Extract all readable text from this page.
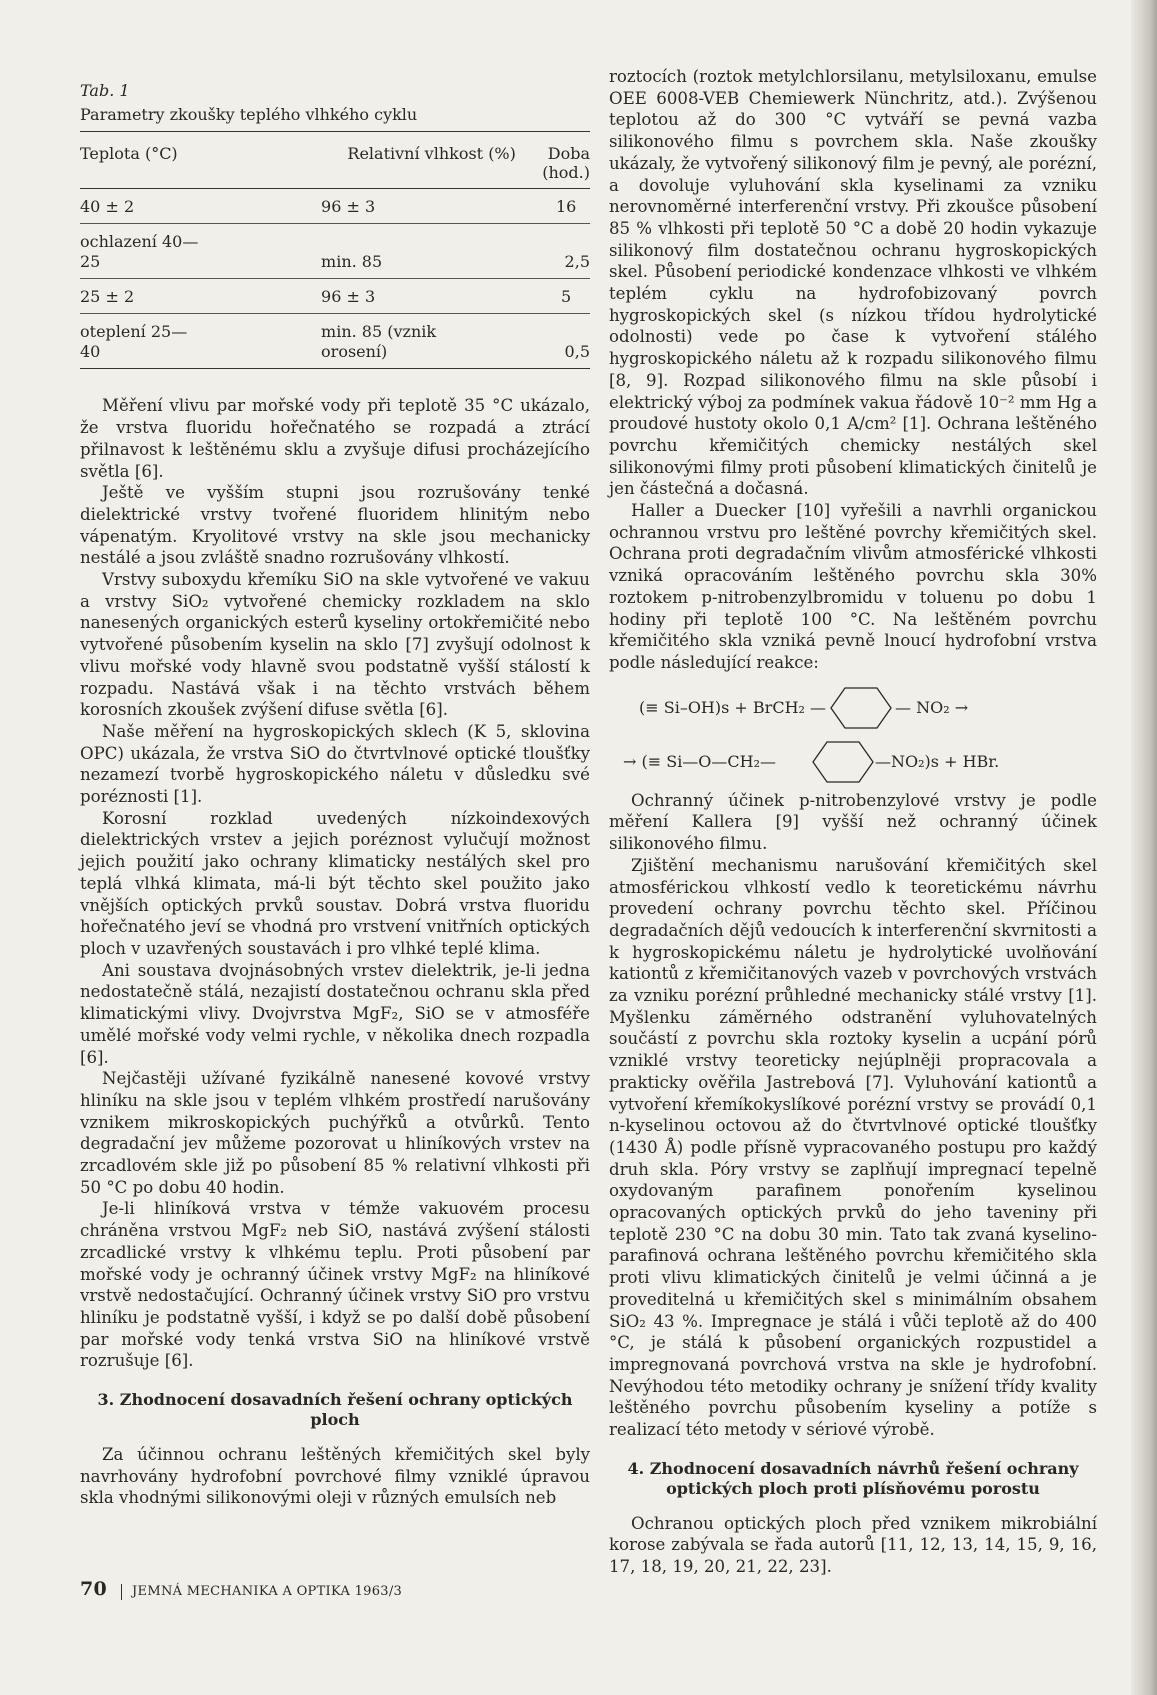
Tab. 1
Parametry zkoušky teplého vlhkého cyklu
Teplota (°C)	Relativní vlhkost (%)	Doba (hod.)
40 ± 2	96 ± 3	16
ochlazení 40—25	min. 85	2,5
25 ± 2	96 ± 3	5
oteplení 25—40	min. 85 (vznik orosení)	0,5

Měření vlivu par mořské vody při teplotě 35 °C ukázalo, že vrstva fluoridu hořečnatého se rozpadá a ztrácí přilnavost k leštěnému sklu a zvyšuje difusi procházejícího světla [6].

Ještě ve vyšším stupni jsou rozrušovány tenké dielektrické vrstvy tvořené fluoridem hlinitým nebo vápenatým. Kryolitové vrstvy na skle jsou mechanicky nestálé a jsou zvláště snadno rozrušovány vlhkostí.

Vrstvy suboxydu křemíku SiO na skle vytvořené ve vakuu a vrstvy SiO₂ vytvořené chemicky rozkladem na sklo nanesených organických esterů kyseliny ortokřemičité nebo vytvořené působením kyselin na sklo [7] zvyšují odolnost k vlivu mořské vody hlavně svou podstatně vyšší stálostí k rozpadu. Nastává však i na těchto vrstvách během korosních zkoušek zvýšení difuse světla [6].

Naše měření na hygroskopických sklech (K 5, sklovina OPC) ukázala, že vrstva SiO do čtvrtvlnové optické tloušťky nezamezí tvorbě hygroskopického náletu v důsledku své poréznosti [1].

Korosní rozklad uvedených nízkoindexových dielektrických vrstev a jejich poréznost vylučují možnost jejich použití jako ochrany klimaticky nestálých skel pro teplá vlhká klimata, má-li být těchto skel použito jako vnějších optických prvků soustav. Dobrá vrstva fluoridu hořečnatého jeví se vhodná pro vrstvení vnitřních optických ploch v uzavřených soustavách i pro vlhké teplé klima.

Ani soustava dvojnásobných vrstev dielektrik, je-li jedna nedostatečně stálá, nezajistí dostatečnou ochranu skla před klimatickými vlivy. Dvojvrstva MgF₂, SiO se v atmosféře umělé mořské vody velmi rychle, v několika dnech rozpadla [6].

Nejčastěji užívané fyzikálně nanesené kovové vrstvy hliníku na skle jsou v teplém vlhkém prostředí narušovány vznikem mikroskopických puchýřků a otvůrků. Tento degradační jev můžeme pozorovat u hliníkových vrstev na zrcadlovém skle již po působení 85 % relativní vlhkosti při 50 °C po dobu 40 hodin.

Je-li hliníková vrstva v témže vakuovém procesu chráněna vrstvou MgF₂ neb SiO, nastává zvýšení stálosti zrcadlické vrstvy k vlhkému teplu. Proti působení par mořské vody je ochranný účinek vrstvy MgF₂ na hliníkové vrstvě nedostačující. Ochranný účinek vrstvy SiO pro vrstvu hliníku je podstatně vyšší, i když se po další době působení par mořské vody tenká vrstva SiO na hliníkové vrstvě rozrušuje [6].

3. Zhodnocení dosavadních řešení ochrany optických ploch

Za účinnou ochranu leštěných křemičitých skel byly navrhovány hydrofobní povrchové filmy vzniklé úpravou skla vhodnými silikonovými oleji v různých emulsích neb

roztocích (roztok metylchlorsilanu, metylsiloxanu, emulse OEE 6008-VEB Chemiewerk Nünchritz, atd.). Zvýšenou teplotou až do 300 °C vytváří se pevná vazba silikonového filmu s povrchem skla. Naše zkoušky ukázaly, že vytvořený silikonový film je pevný, ale porézní, a dovoluje vyluhování skla kyselinami za vzniku nerovnoměrné interferenční vrstvy. Při zkoušce působení 85 % vlhkosti při teplotě 50 °C a době 20 hodin vykazuje silikonový film dostatečnou ochranu hygroskopických skel. Působení periodické kondenzace vlhkosti ve vlhkém teplém cyklu na hydrofobizovaný povrch hygroskopických skel (s nízkou třídou hydrolytické odolnosti) vede po čase k vytvoření stálého hygroskopického náletu až k rozpadu silikonového filmu [8, 9]. Rozpad silikonového filmu na skle působí i elektrický výboj za podmínek vakua řádově 10⁻² mm Hg a proudové hustoty okolo 0,1 A/cm² [1]. Ochrana leštěného povrchu křemičitých chemicky nestálých skel silikonovými filmy proti působení klimatických činitelů je jen částečná a dočasná.

Haller a Duecker [10] vyřešili a navrhli organickou ochrannou vrstvu pro leštěné povrchy křemičitých skel. Ochrana proti degradačním vlivům atmosférické vlhkosti vzniká opracováním leštěného povrchu skla 30% roztokem p-nitrobenzylbromidu v toluenu po dobu 1 hodiny při teplotě 100 °C. Na leštěném povrchu křemičitého skla vzniká pevně lnoucí hydrofobní vrstva podle následující reakce:

(≡ Si–OH)s + BrCH₂ —	— NO₂ →
→ (≡ Si—O—CH₂—	—NO₂)s + HBr.

Ochranný účinek p-nitrobenzylové vrstvy je podle měření Kallera [9] vyšší než ochranný účinek silikonového filmu.

Zjištění mechanismu narušování křemičitých skel atmosférickou vlhkostí vedlo k teoretickému návrhu provedení ochrany povrchu těchto skel. Příčinou degradačních dějů vedoucích k interferenční skvrnitosti a k hygroskopickému náletu je hydrolytické uvolňování kationtů z křemičitanových vazeb v povrchových vrstvách za vzniku porézní průhledné mechanicky stálé vrstvy [1]. Myšlenku záměrného odstranění vyluhovatelných součástí z povrchu skla roztoky kyselin a ucpání pórů vzniklé vrstvy teoreticky nejúplněji propracovala a prakticky ověřila Jastrebová [7]. Vyluhování kationtů a vytvoření křemíkokyslíkové porézní vrstvy se provádí 0,1 n-kyselinou octovou až do čtvrtvlnové optické tloušťky (1430 Å) podle přísně vypracovaného postupu pro každý druh skla. Póry vrstvy se zaplňují impregnací tepelně oxydovaným parafinem ponořením kyselinou opracovaných optických prvků do jeho taveniny při teplotě 230 °C na dobu 30 min. Tato tak zvaná kyselino-parafinová ochrana leštěného povrchu křemičitého skla proti vlivu klimatických činitelů je velmi účinná a je proveditelná u křemičitých skel s minimálním obsahem SiO₂ 43 %. Impregnace je stálá i vůči teplotě až do 400 °C, je stálá k působení organických rozpustidel a impregnovaná povrchová vrstva na skle je hydrofobní. Nevýhodou této metodiky ochrany je snížení třídy kvality leštěného povrchu působením kyseliny a potíže s realizací této metody v sériové výrobě.

4. Zhodnocení dosavadních návrhů řešení ochrany optických ploch proti plísňovému porostu

Ochranou optických ploch před vznikem mikrobiální korose zabývala se řada autorů [11, 12, 13, 14, 15, 9, 16, 17, 18, 19, 20, 21, 22, 23].

70 JEMNÁ MECHANIKA A OPTIKA 1963/3
